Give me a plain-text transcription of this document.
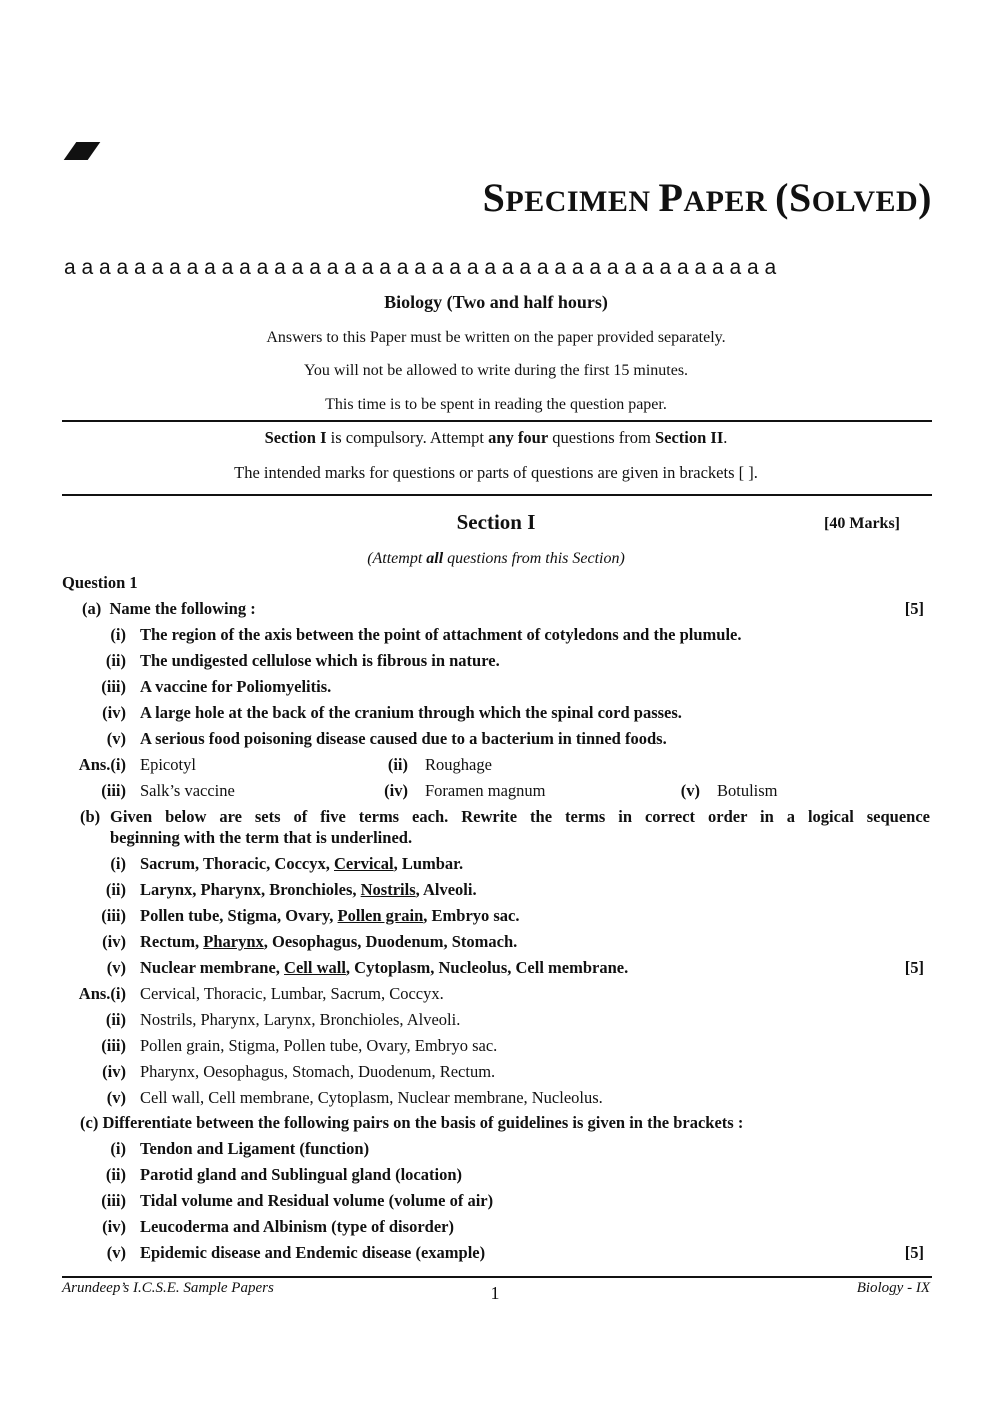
SPECIMEN PAPER (SOLVED)
a a a a a a a a a a a a a a a a a a a a a a a a a a a a a a a a a a a a a a a a a
Biology (Two and half hours)
Answers to this Paper must be written on the paper provided separately.
You will not be allowed to write during the first 15 minutes.
This time is to be spent in reading the question paper.
Section I is compulsory. Attempt any four questions from Section II.
The intended marks for questions or parts of questions are given in brackets [ ].
Section I	[40 Marks]
(Attempt all questions from this Section)
Question 1
(a) Name the following :	[5]
(i) The region of the axis between the point of attachment of cotyledons and the plumule.
(ii) The undigested cellulose which is fibrous in nature.
(iii) A vaccine for Poliomyelitis.
(iv) A large hole at the back of the cranium through which the spinal cord passes.
(v) A serious food poisoning disease caused due to a bacterium in tinned foods.
Ans.(i) Epicotyl	(ii) Roughage
(iii) Salk’s vaccine	(iv) Foramen magnum	(v) Botulism
(b) Given below are sets of five terms each. Rewrite the terms in correct order in a logical sequence
beginning with the term that is underlined.
(i) Sacrum, Thoracic, Coccyx, Cervical, Lumbar.
(ii) Larynx, Pharynx, Bronchioles, Nostrils, Alveoli.
(iii) Pollen tube, Stigma, Ovary, Pollen grain, Embryo sac.
(iv) Rectum, Pharynx, Oesophagus, Duodenum, Stomach.
(v) Nuclear membrane, Cell wall, Cytoplasm, Nucleolus, Cell membrane.	[5]
Ans.(i) Cervical, Thoracic, Lumbar, Sacrum, Coccyx.
(ii) Nostrils, Pharynx, Larynx, Bronchioles, Alveoli.
(iii) Pollen grain, Stigma, Pollen tube, Ovary, Embryo sac.
(iv) Pharynx, Oesophagus, Stomach, Duodenum, Rectum.
(v) Cell wall, Cell membrane, Cytoplasm, Nuclear membrane, Nucleolus.
(c) Differentiate between the following pairs on the basis of guidelines is given in the brackets :
(i) Tendon and Ligament (function)
(ii) Parotid gland and Sublingual gland (location)
(iii) Tidal volume and Residual volume (volume of air)
(iv) Leucoderma and Albinism (type of disorder)
(v) Epidemic disease and Endemic disease (example)	[5]
Arundeep’s I.C.S.E. Sample Papers	1	Biology - IX
